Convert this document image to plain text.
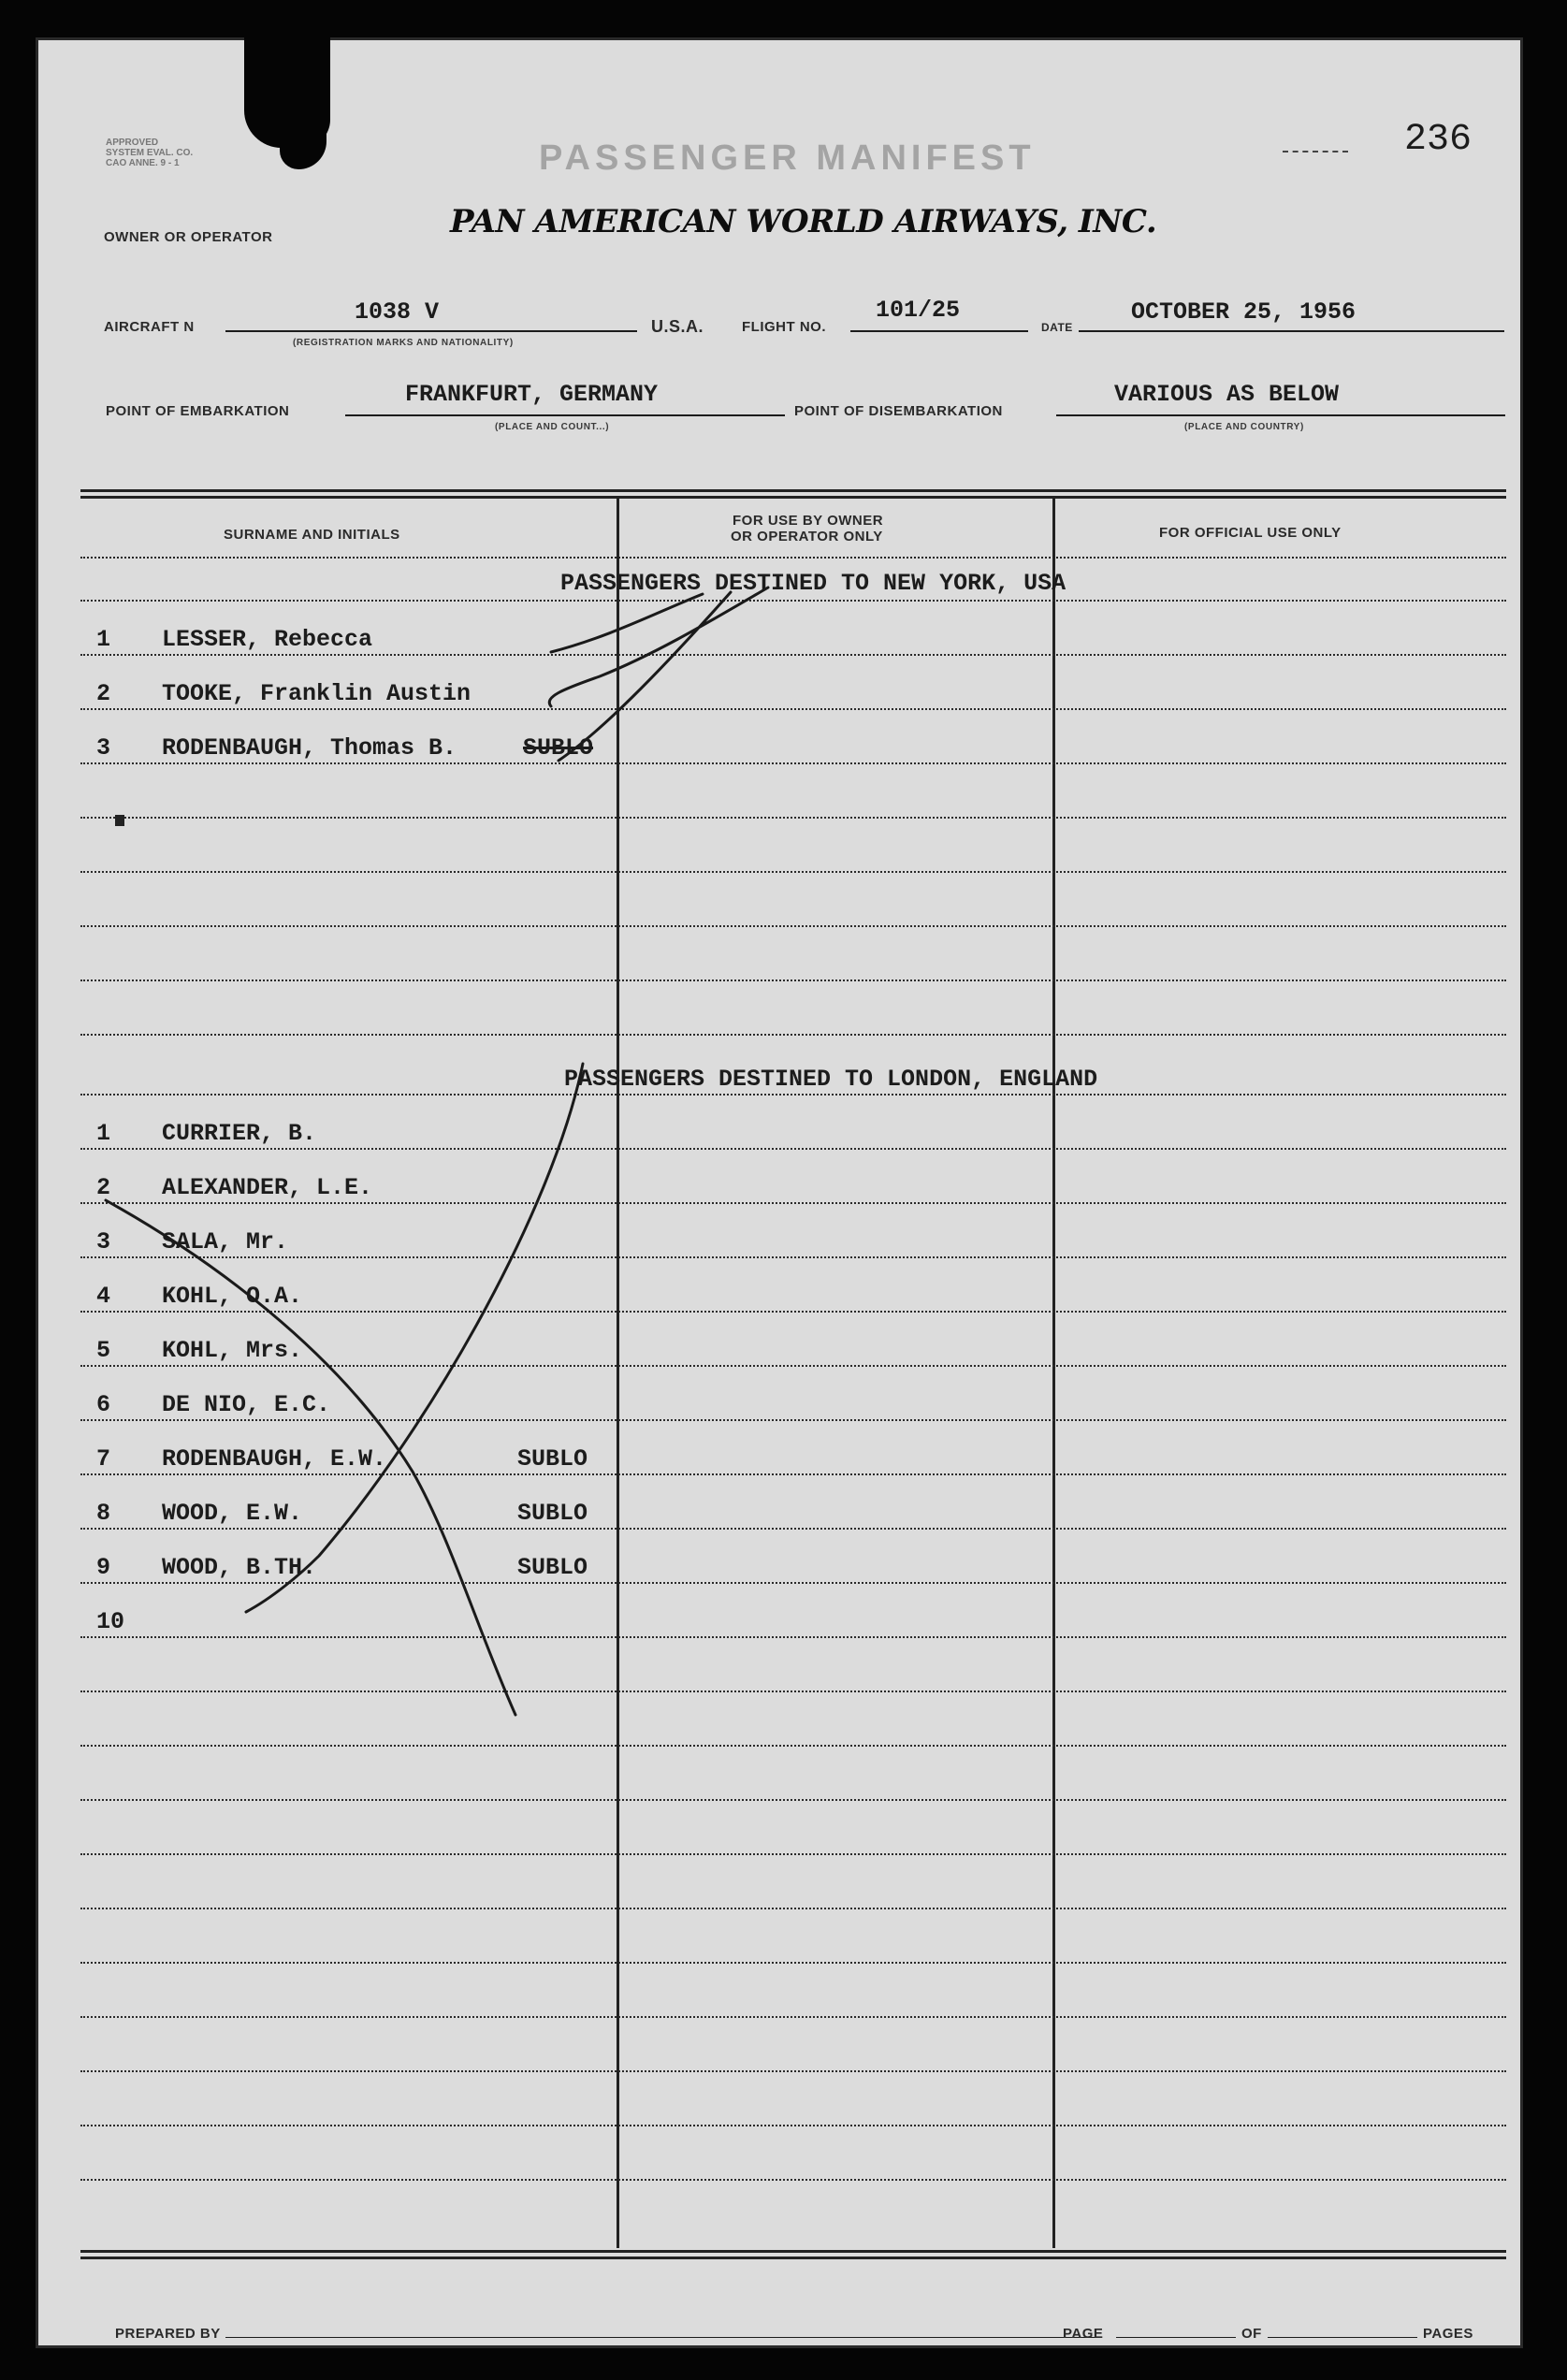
APPROVED
SYSTEM EVAL. CO.
CAO ANNE. 9 - 1	PASSENGER MANIFEST	236
OWNER OR OPERATOR	PAN AMERICAN WORLD AIRWAYS, INC.
AIRCRAFT N
1038 V
(REGISTRATION MARKS AND NATIONALITY)
U.S.A.	FLIGHT NO.
101/25
DATE
OCTOBER 25, 1956
POINT OF EMBARKATION
FRANKFURT, GERMANY
(PLACE AND COUNT...)
POINT OF DISEMBARKATION
VARIOUS AS BELOW
(PLACE AND COUNTRY)
SURNAME AND INITIALS
FOR USE BY OWNER
OR OPERATOR ONLY	FOR OFFICIAL USE ONLY
PASSENGERS DESTINED TO NEW YORK, USA
1 LESSER, Rebecca
2 TOOKE, Franklin Austin
3 RODENBAUGH, Thomas B.	SUBLO
PASSENGERS DESTINED TO LONDON, ENGLAND
1 CURRIER, B.
2 ALEXANDER, L.E.
3 SALA, Mr.
4 KOHL, O.A.
5 KOHL, Mrs.
6 DE NIO, E.C.
7 RODENBAUGH, E.W.	SUBLO
8 WOOD, E.W.	SUBLO
9 WOOD, B.TH.	SUBLO
10
PREPARED BY	PAGE	OF	PAGES
